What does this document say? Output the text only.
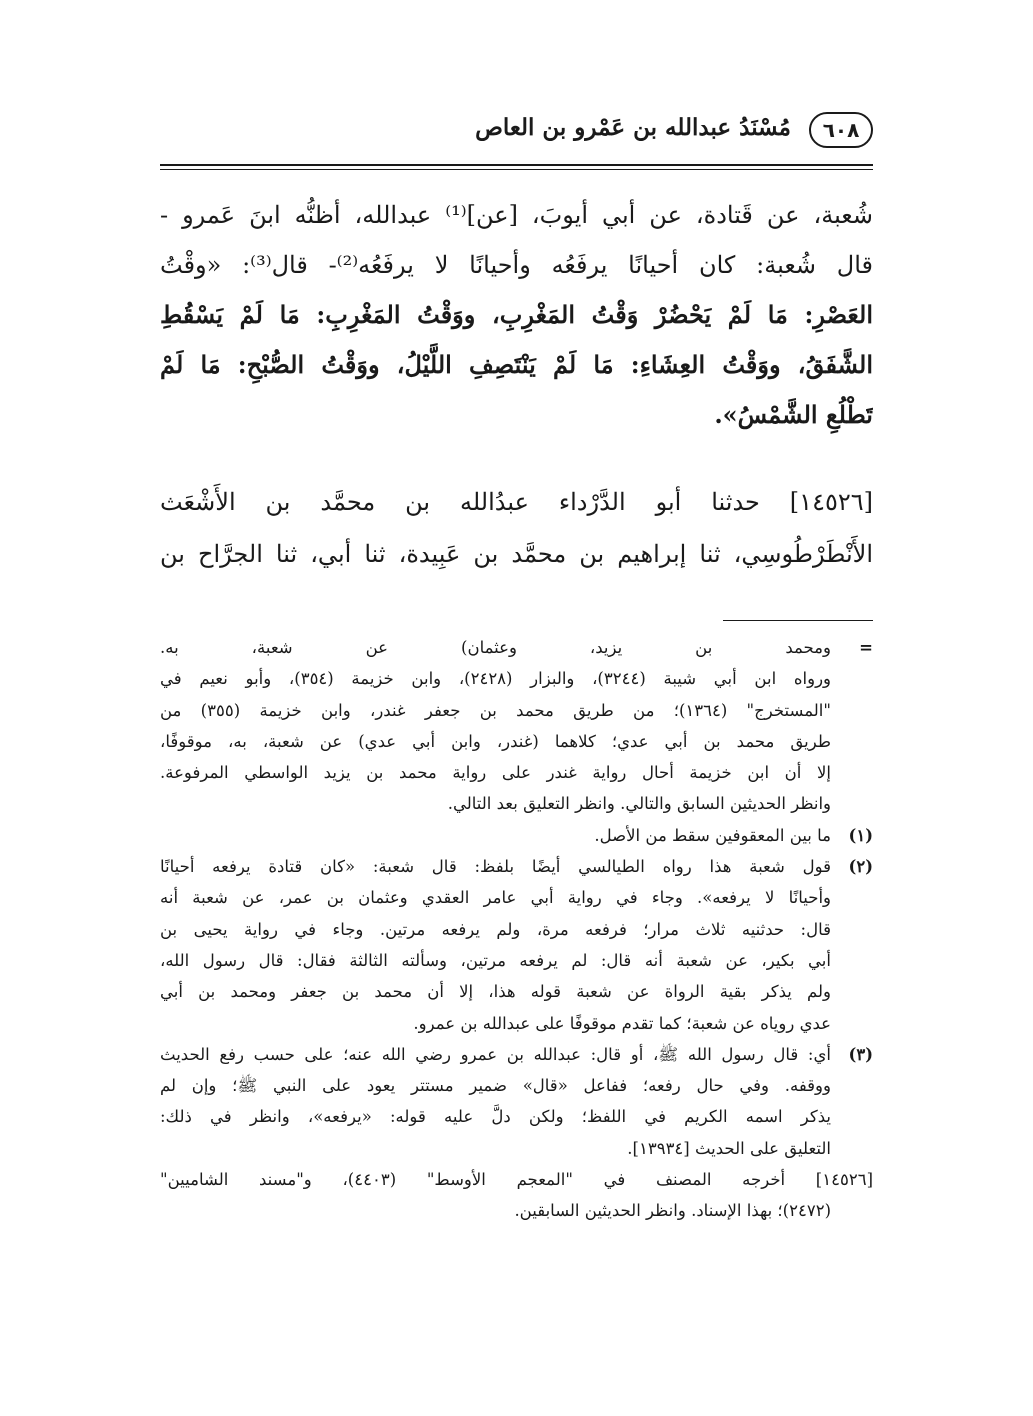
٦٠٨
مُسْنَدُ عبدالله بن عَمْرو بن العاص
شُعبة، عن قَتادة، عن أبي أيوبَ، [عن]⁽¹⁾ عبدالله، أظنُّه ابنَ عَمرو -
قال شُعبة: كان أحيانًا يرفَعُه وأحيانًا لا يرفَعُه⁽²⁾- قال⁽³⁾: «وقْتُ
العَصْرِ: مَا لَمْ يَحْضُرْ وَقْتُ المَغْرِبِ، ووَقْتُ المَغْرِبِ: مَا لَمْ يَسْقُطِ
الشَّفَقُ، ووَقْتُ العِشَاءِ: مَا لَمْ يَنْتَصِفِ اللَّيْلُ، ووَقْتُ الصُّبْحِ: مَا لَمْ
تَطْلُعِ الشَّمْسُ».
[١٤٥٢٦] حدثنا أبو الدَّرْداء عبدُالله بن محمَّد بن الأَشْعَث
الأَنْطَرْطُوسِي، ثنا إبراهيم بن محمَّد بن عَبِيدة، ثنا أبي، ثنا الجرَّاح بن
=ومحمد بن يزيد، وعثمان) عن شعبة، به.
ورواه ابن أبي شيبة (٣٢٤٤)، والبزار (٢٤٢٨)، وابن خزيمة (٣٥٤)، وأبو نعيم في
"المستخرج" (١٣٦٤)؛ من طريق محمد بن جعفر غندر، وابن خزيمة (٣٥٥) من
طريق محمد بن أبي عدي؛ كلاهما (غندر، وابن أبي عدي) عن شعبة، به، موقوفًا،
إلا أن ابن خزيمة أحال رواية غندر على رواية محمد بن يزيد الواسطي المرفوعة.
وانظر الحديثين السابق والتالي. وانظر التعليق بعد التالي.
(١)ما بين المعقوفين سقط من الأصل.
(٢)قول شعبة هذا رواه الطيالسي أيضًا بلفظ: قال شعبة: «كان قتادة يرفعه أحيانًا
وأحيانًا لا يرفعه». وجاء في رواية أبي عامر العقدي وعثمان بن عمر، عن شعبة أنه
قال: حدثنيه ثلاث مرار؛ فرفعه مرة، ولم يرفعه مرتين. وجاء في رواية يحيى بن
أبي بكير، عن شعبة أنه قال: لم يرفعه مرتين، وسألته الثالثة فقال: قال رسول الله،
ولم يذكر بقية الرواة عن شعبة قوله هذا، إلا أن محمد بن جعفر ومحمد بن أبي
عدي روياه عن شعبة؛ كما تقدم موقوفًا على عبدالله بن عمرو.
(٣)أي: قال رسول الله ﷺ، أو قال: عبدالله بن عمرو رضي الله عنه؛ على حسب رفع الحديث
ووقفه. وفي حال رفعه؛ ففاعل «قال» ضمير مستتر يعود على النبي ﷺ؛ وإن لم
يذكر اسمه الكريم في اللفظ؛ ولكن دلَّ عليه قوله: «يرفعه»، وانظر في ذلك:
التعليق على الحديث [١٣٩٣٤].
[١٤٥٢٦] أخرجه المصنف في "المعجم الأوسط" (٤٤٠٣)، و"مسند الشاميين"
(٢٤٧٢)؛ بهذا الإسناد. وانظر الحديثين السابقين.
